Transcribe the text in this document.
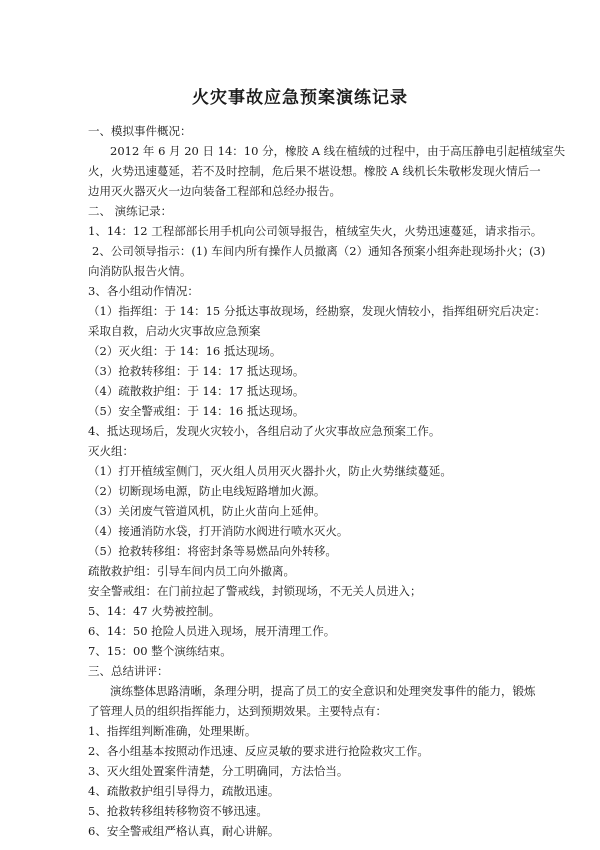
火灾事故应急预案演练记录
一、模拟事件概况：
2012 年 6 月 20 日 14：10 分，橡胶 A 线在植绒的过程中，由于高压静电引起植绒室失
火，火势迅速蔓延，若不及时控制，危后果不堪设想。橡胶 A 线机长朱敬彬发现火情后一
边用灭火器灭火一边向装备工程部和总经办报告。
二、 演练记录：
1、14：12 工程部部长用手机向公司领导报告，植绒室失火，火势迅速蔓延，请求指示。
2、公司领导指示：(1) 车间内所有操作人员撤离（2）通知各预案小组奔赴现场扑火；(3)
向消防队报告火情。
3、各小组动作情况：
（1）指挥组：于 14：15 分抵达事故现场，经勘察，发现火情较小，指挥组研究后决定：
采取自救，启动火灾事故应急预案
（2）灭火组：于 14：16 抵达现场。
（3）抢救转移组：于 14：17 抵达现场。
（4）疏散救护组：于 14：17 抵达现场。
（5）安全警戒组：于 14：16 抵达现场。
4、抵达现场后，发现火灾较小，各组启动了火灾事故应急预案工作。
灭火组：
（1）打开植绒室侧门，灭火组人员用灭火器扑火，防止火势继续蔓延。
（2）切断现场电源，防止电线短路增加火源。
（3）关闭废气管道风机，防止火苗向上延伸。
（4）接通消防水袋，打开消防水阀进行喷水灭火。
（5）抢救转移组：将密封条等易燃品向外转移。
疏散救护组：引导车间内员工向外撤离。
安全警戒组：在门前拉起了警戒线，封锁现场，不无关人员进入；
5、14：47 火势被控制。
6、14：50 抢险人员进入现场，展开清理工作。
7、15：00 整个演练结束。
三、总结讲评：
演练整体思路清晰，条理分明，提高了员工的安全意识和处理突发事件的能力，锻炼
了管理人员的组织指挥能力，达到预期效果。主要特点有：
1、指挥组判断准确，处理果断。
2、各小组基本按照动作迅速、反应灵敏的要求进行抢险救灾工作。
3、灭火组处置案件清楚，分工明确同，方法恰当。
4、疏散救护组引导得力，疏散迅速。
5、抢救转移组转移物资不够迅速。
6、安全警戒组严格认真，耐心讲解。
